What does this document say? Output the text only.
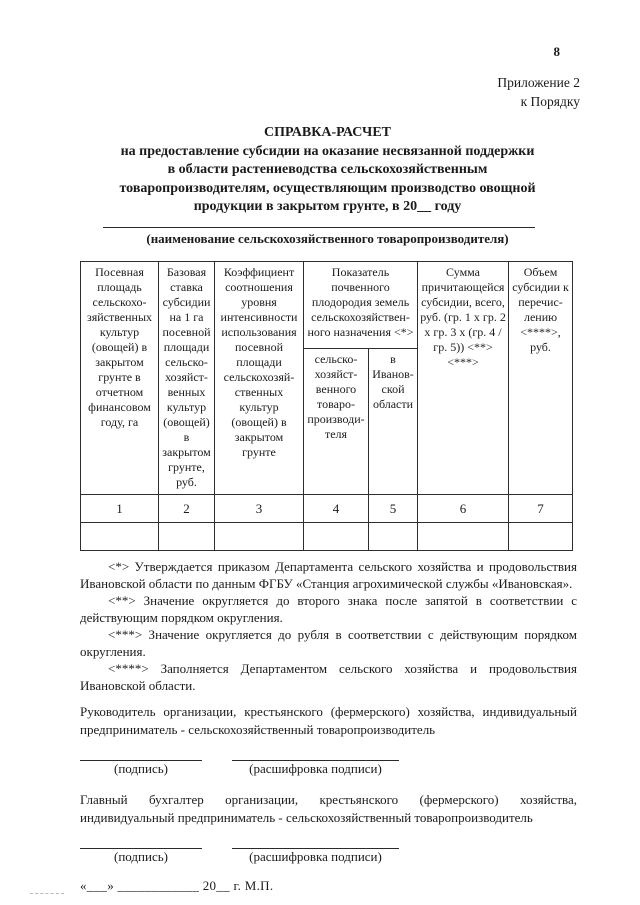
8
Приложение 2
к Порядку
СПРАВКА-РАСЧЕТ
на предоставление субсидии на оказание несвязанной поддержки
в области растениеводства сельскохозяйственным
товаропроизводителям, осуществляющим производство овощной
продукции в закрытом грунте, в 20__ году
(наименование сельскохозяйственного товаропроизводителя)
Посевная площадь сельскохозяйственных культур (овощей) в закрытом грунте в отчетном финансовом году, га	Базовая ставка субсидии на 1 га посевной площади сельско-хозяйст-венных культур (овощей) в закрытом грунте, руб.	Коэффициент соотношения уровня интенсивности использования посевной площади сельскохозяй-ственных культур (овощей) в закрытом грунте	Показатель почвенного плодородия земель сельскохозяйствен-ного назначения <*>		Сумма причитающейся субсидии, всего, руб. (гр. 1 х гр. 2 х гр. 3 х (гр. 4 / гр. 5)) <**> <***>	Объем субсидии к перечис-лению <****>, руб.
			сельско-хозяйст-венного товаро-производи-теля	в Иванов-ской области		
1	2	3	4	5	6	7

<*> Утверждается приказом Департамента сельского хозяйства и продовольствия Ивановской области по данным ФГБУ «Станция агрохимической службы «Ивановская».

<**> Значение округляется до второго знака после запятой в соответствии с действующим порядком округления.

<***> Значение округляется до рубля в соответствии с действующим порядком округления.

<****> Заполняется Департаментом сельского хозяйства и продовольствия Ивановской области.

Руководитель организации, крестьянского (фермерского) хозяйства, индивидуальный предприниматель - сельскохозяйственный товаропроизводитель

(подпись)	(расшифровка подписи)

Главный бухгалтер организации, крестьянского (фермерского) хозяйства, индивидуальный предприниматель - сельскохозяйственный товаропроизводитель

(подпись)	(расшифровка подписи)
«___» ____________ 20__ г. М.П.
